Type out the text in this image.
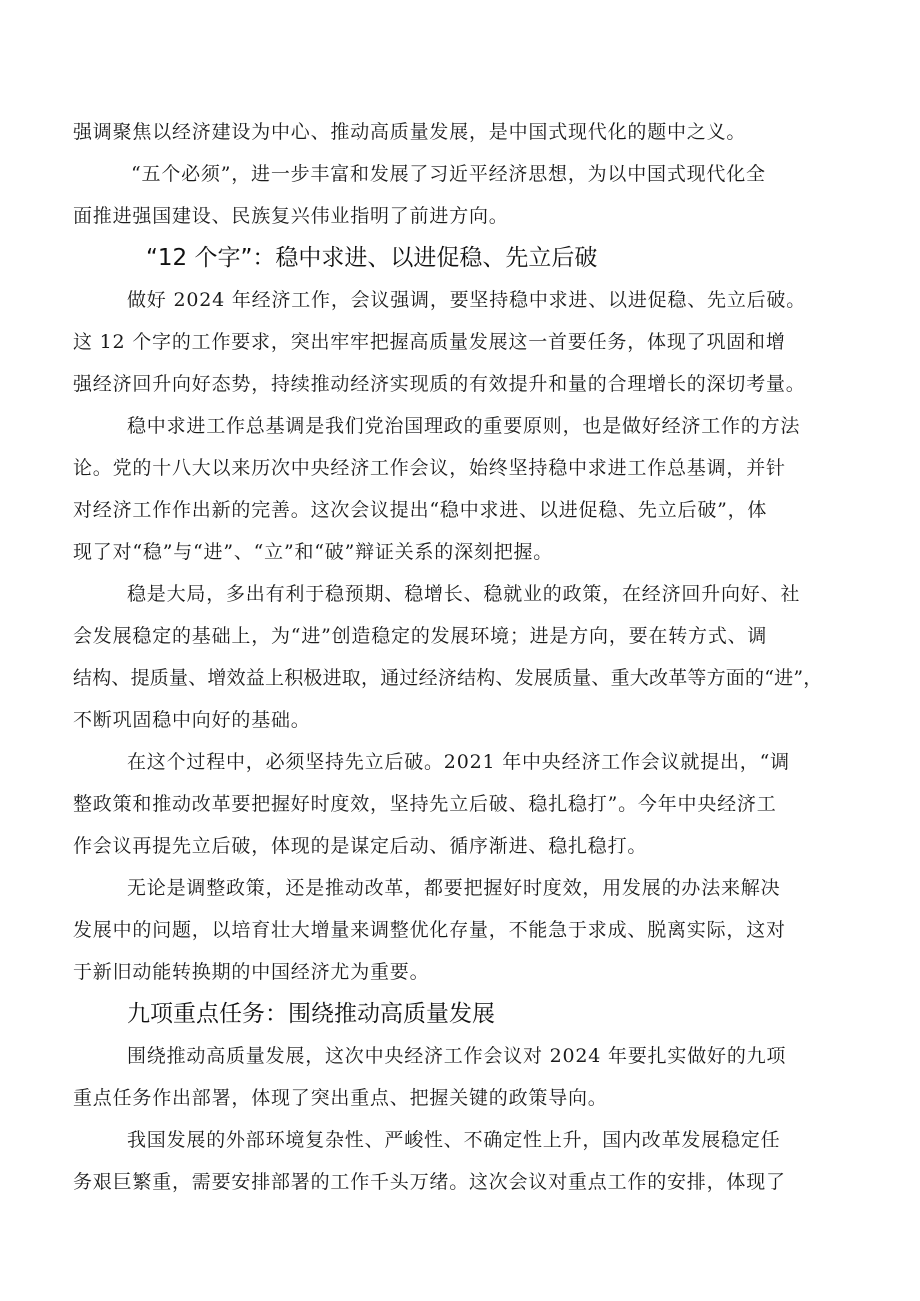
强调聚焦以经济建设为中心、推动高质量发展，是中国式现代化的题中之义。
“五个必须”，进一步丰富和发展了习近平经济思想，为以中国式现代化全
面推进强国建设、民族复兴伟业指明了前进方向。
“12 个字”：稳中求进、以进促稳、先立后破
做好 2024 年经济工作，会议强调，要坚持稳中求进、以进促稳、先立后破。
这 12 个字的工作要求，突出牢牢把握高质量发展这一首要任务，体现了巩固和增
强经济回升向好态势，持续推动经济实现质的有效提升和量的合理增长的深切考量。
稳中求进工作总基调是我们党治国理政的重要原则，也是做好经济工作的方法
论。党的十八大以来历次中央经济工作会议，始终坚持稳中求进工作总基调，并针
对经济工作作出新的完善。这次会议提出“稳中求进、以进促稳、先立后破”，体
现了对“稳”与“进”、“立”和“破”辩证关系的深刻把握。
稳是大局，多出有利于稳预期、稳增长、稳就业的政策，在经济回升向好、社
会发展稳定的基础上，为“进”创造稳定的发展环境；进是方向，要在转方式、调
结构、提质量、增效益上积极进取，通过经济结构、发展质量、重大改革等方面的“进”，
不断巩固稳中向好的基础。
在这个过程中，必须坚持先立后破。2021 年中央经济工作会议就提出，“调
整政策和推动改革要把握好时度效，坚持先立后破、稳扎稳打”。今年中央经济工
作会议再提先立后破，体现的是谋定后动、循序渐进、稳扎稳打。
无论是调整政策，还是推动改革，都要把握好时度效，用发展的办法来解决
发展中的问题，以培育壮大增量来调整优化存量，不能急于求成、脱离实际，这对
于新旧动能转换期的中国经济尤为重要。
九项重点任务：围绕推动高质量发展
围绕推动高质量发展，这次中央经济工作会议对 2024 年要扎实做好的九项
重点任务作出部署，体现了突出重点、把握关键的政策导向。
我国发展的外部环境复杂性、严峻性、不确定性上升，国内改革发展稳定任
务艰巨繁重，需要安排部署的工作千头万绪。这次会议对重点工作的安排，体现了
